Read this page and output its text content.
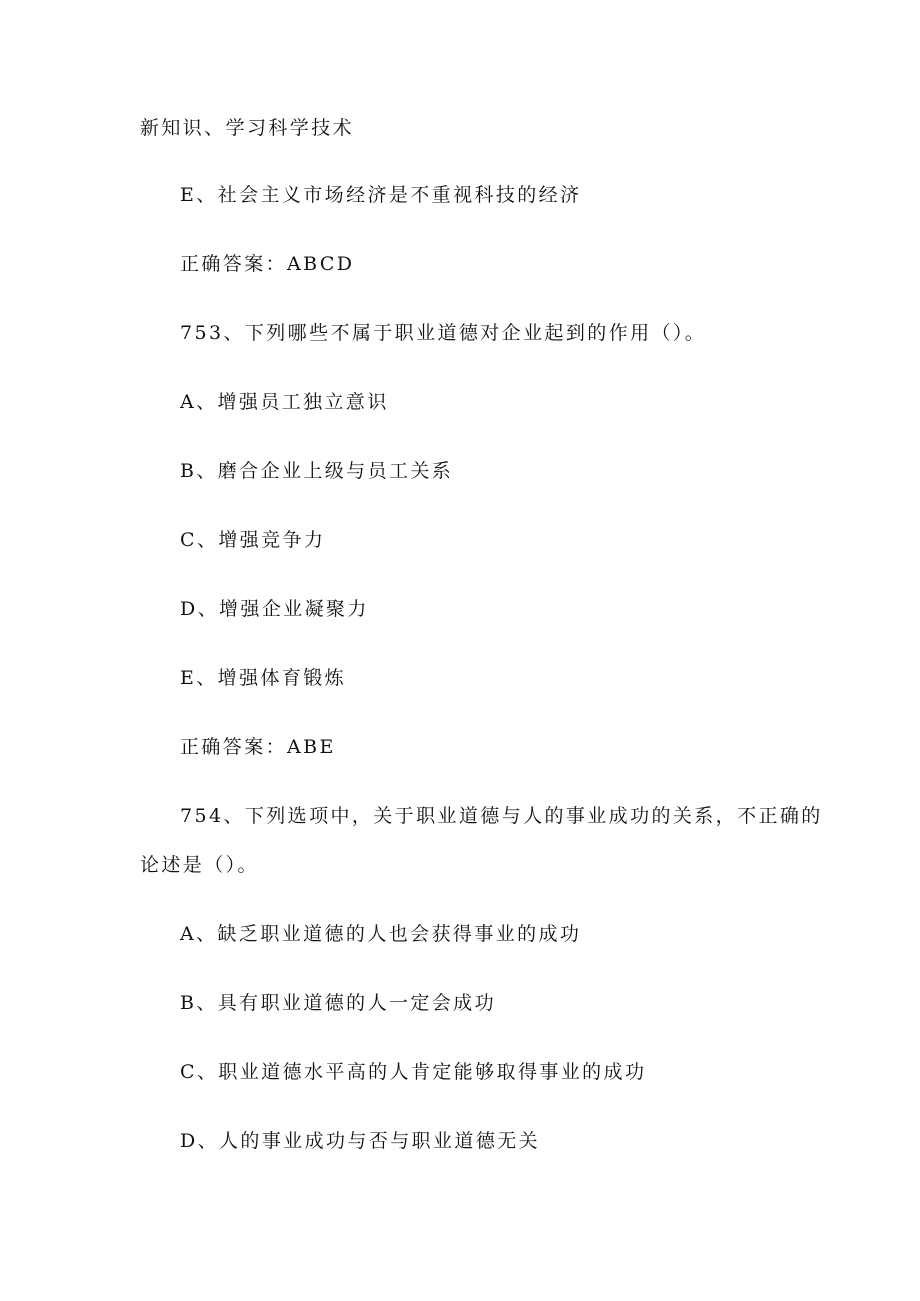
新知识、学习科学技术
E、社会主义市场经济是不重视科技的经济
正确答案：ABCD
753、下列哪些不属于职业道德对企业起到的作用（）。
A、增强员工独立意识
B、磨合企业上级与员工关系
C、增强竞争力
D、增强企业凝聚力
E、增强体育锻炼
正确答案：ABE
754、下列选项中，关于职业道德与人的事业成功的关系，不正确的
论述是（）。
A、缺乏职业道德的人也会获得事业的成功
B、具有职业道德的人一定会成功
C、职业道德水平高的人肯定能够取得事业的成功
D、人的事业成功与否与职业道德无关
